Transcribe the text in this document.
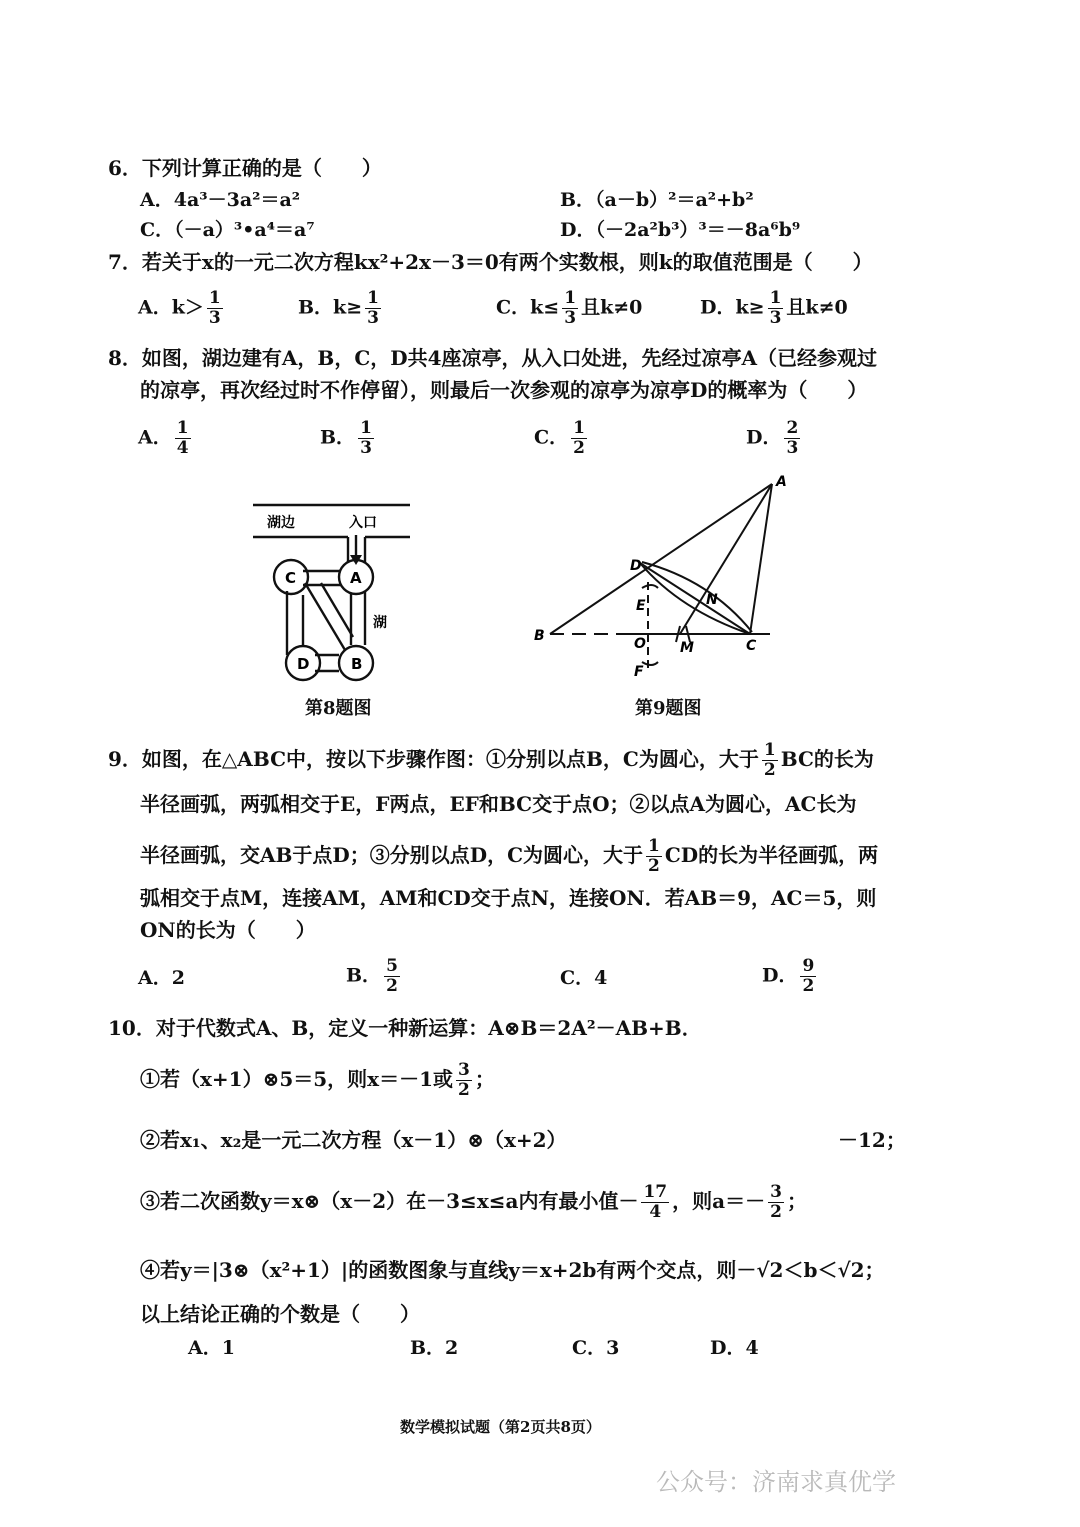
6．下列计算正确的是（　　）
A．4a³－3a²＝a²	B．（a－b）²＝a²+b²
C．（－a）³•a⁴＝a⁷	D．（－2a²b³）³＝－8a⁶b⁹
7．若关于x的一元二次方程kx²+2x－3＝0有两个实数根，则k的取值范围是（　　）
A．$k> \frac{1}{3}$	B．$k\ge \frac{1}{3}$	C．$k\le \frac{1}{3}$ 且k≠0	D．$k\ge \frac{1}{3}$ 且k≠0
8．如图，湖边建有A，B，C，D共4座凉亭，从入口处进，先经过凉亭A（已经参观过
的凉亭，再次经过时不作停留），则最后一次参观的凉亭为凉亭D的概率为（　　）
A． $\frac{1}{4}$	B． $\frac{1}{3}$	C． $\frac{1}{2}$	D． $\frac{2}{3}$
湖边	入口
湖
C	A
D	B
第8题图
A
B
C
D
E
F
O M
N
第9题图
9．如图，在△ABC中，按以下步骤作图：①分别以点B，C为圆心，大于 $\frac{1}{2}$ BC的长为
半径画弧，两弧相交于E，F两点，EF和BC交于点O；②以点A为圆心，AC长为
半径画弧，交AB于点D；③分别以点D，C为圆心，大于 $\frac{1}{2}$ CD的长为半径画弧，两
弧相交于点M，连接AM，AM和CD交于点N，连接ON．若AB＝9，AC＝5，则
ON的长为（　　）
A．2	B． $\frac{5}{2}$	C．4	D． $\frac{9}{2}$
10．对于代数式A、B，定义一种新运算：A⊗B＝2A²－AB+B．
①若（x+1）⊗5＝5，则x＝－1或 $\frac{3}{2}$ ；
②若x₁、x₂是一元二次方程（x－1）⊗（x+2）	－12；
③若二次函数y＝x⊗（x－2）在－3≤x≤a内有最小值－ $\frac{17}{4}$ ，则$a=- \frac{3}{2}$ ；
④若y＝|3⊗（x²+1）|的函数图象与直线y＝x+2b有两个交点，则－√2＜b＜√2；
以上结论正确的个数是（　　）
A．1	B．2	C．3	D．4
数学模拟试题（第2页共8页）
公众号：济南求真优学
